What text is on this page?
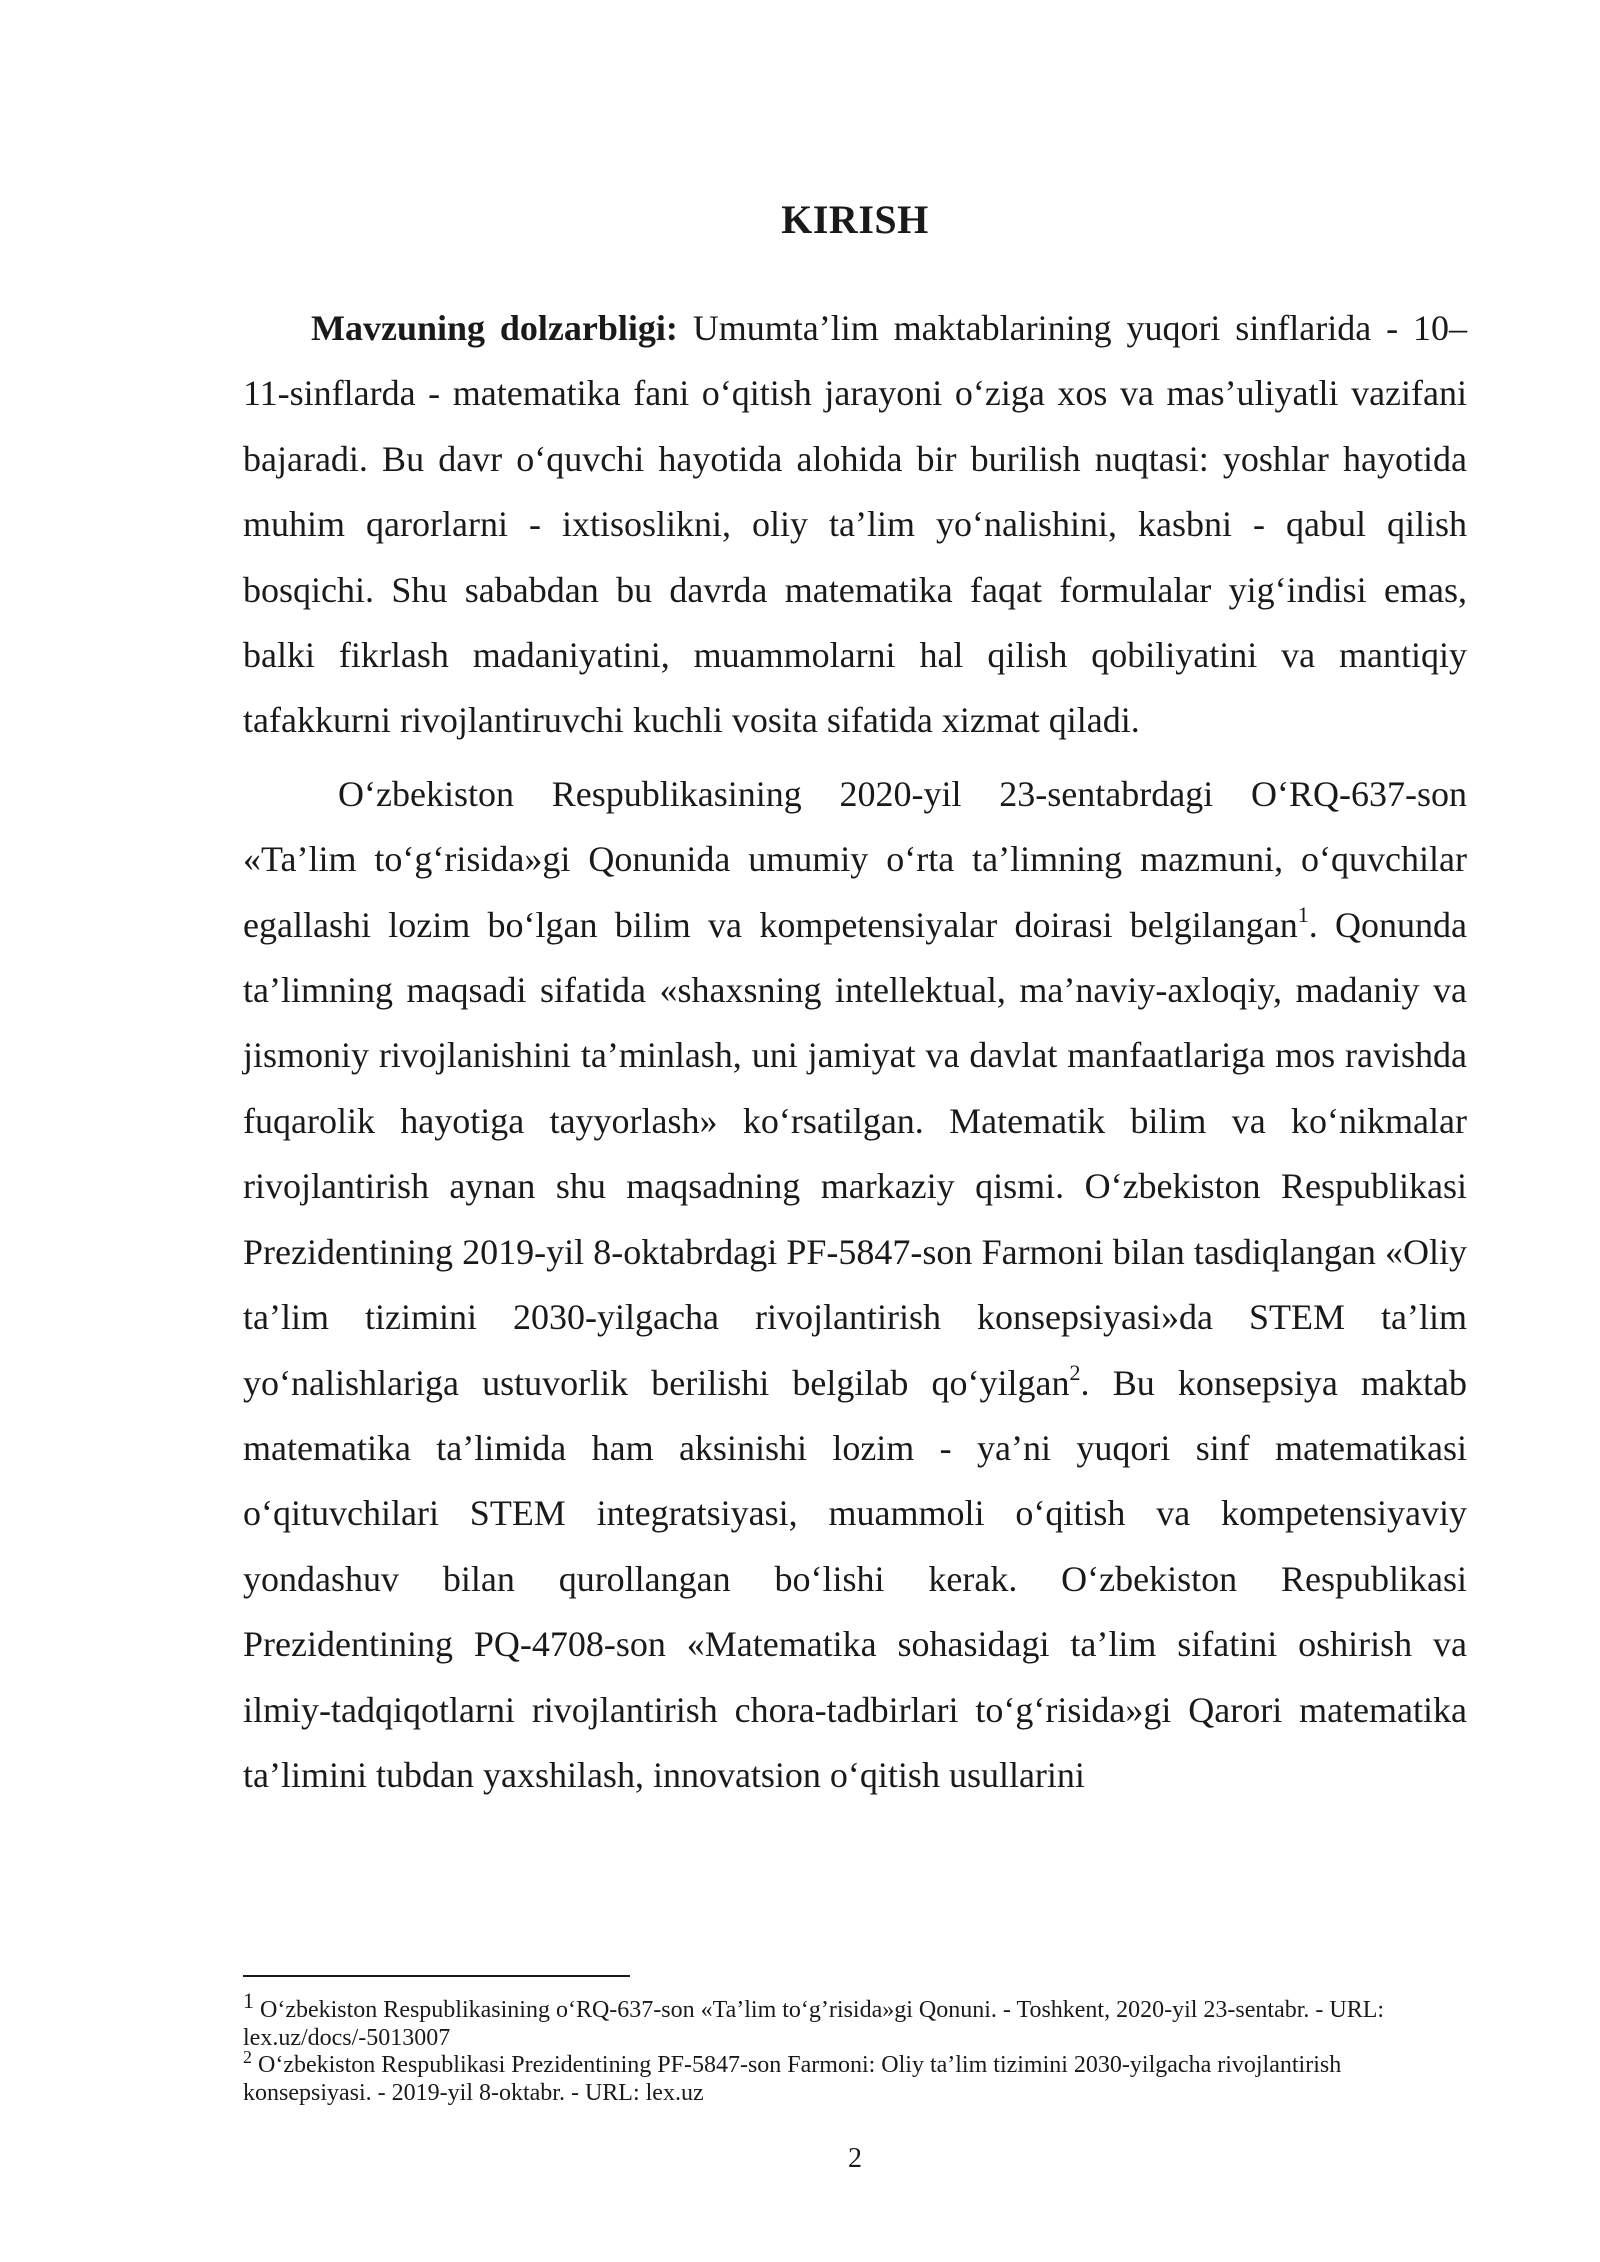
KIRISH

Mavzuning dolzarbligi: Umumta’lim maktablarining yuqori sinflarida - 10–11-sinflarda - matematika fani o‘qitish jarayoni o‘ziga xos va mas’uliyatli vazifani bajaradi. Bu davr o‘quvchi hayotida alohida bir burilish nuqtasi: yoshlar hayotida muhim qarorlarni - ixtisoslikni, oliy ta’lim yo‘nalishini, kasbni - qabul qilish bosqichi. Shu sababdan bu davrda matematika faqat formulalar yig‘indisi emas, balki fikrlash madaniyatini, muammolarni hal qilish qobiliyatini va mantiqiy tafakkurni rivojlantiruvchi kuchli vosita sifatida xizmat qiladi.

O‘zbekiston Respublikasining 2020-yil 23-sentabrdagi O‘RQ-637-son «Ta’lim to‘g‘risida»gi Qonunida umumiy o‘rta ta’limning mazmuni, o‘quvchilar egallashi lozim bo‘lgan bilim va kompetensiyalar doirasi belgilangan$^1$. Qonunda ta’limning maqsadi sifatida «shaxsning intellektual, ma’naviy-axloqiy, madaniy va jismoniy rivojlanishini ta’minlash, uni jamiyat va davlat manfaatlariga mos ravishda fuqarolik hayotiga tayyorlash» ko‘rsatilgan. Matematik bilim va ko‘nikmalar rivojlantirish aynan shu maqsadning markaziy qismi. O‘zbekiston Respublikasi Prezidentining 2019-yil 8-oktabrdagi PF-5847-son Farmoni bilan tasdiqlangan «Oliy ta’lim tizimini 2030-yilgacha rivojlantirish konsepsiyasi»da STEM ta’lim yo‘nalishlariga ustuvorlik berilishi belgilab qo‘yilgan$^2$. Bu konsepsiya maktab matematika ta’limida ham aksinishi lozim - ya’ni yuqori sinf matematikasi o‘qituvchilari STEM integratsiyasi, muammoli o‘qitish va kompetensiyaviy yondashuv bilan qurollangan bo‘lishi kerak. O‘zbekiston Respublikasi Prezidentining PQ-4708-son «Matematika sohasidagi ta’lim sifatini oshirish va ilmiy-tadqiqotlarni rivojlantirish chora-tadbirlari to‘g‘risida»gi Qarori matematika ta’limini tubdan yaxshilash, innovatsion o‘qitish usullarini

$^1$ O‘zbekiston Respublikasining o‘RQ-637-son «Ta’lim to‘g’risida»gi Qonuni. - Toshkent, 2020-yil 23-sentabr. - URL: lex.uz/docs/-5013007

$^2$ O‘zbekiston Respublikasi Prezidentining PF-5847-son Farmoni: Oliy ta’lim tizimini 2030-yilgacha rivojlantirish konsepsiyasi. - 2019-yil 8-oktabr. - URL: lex.uz

2
